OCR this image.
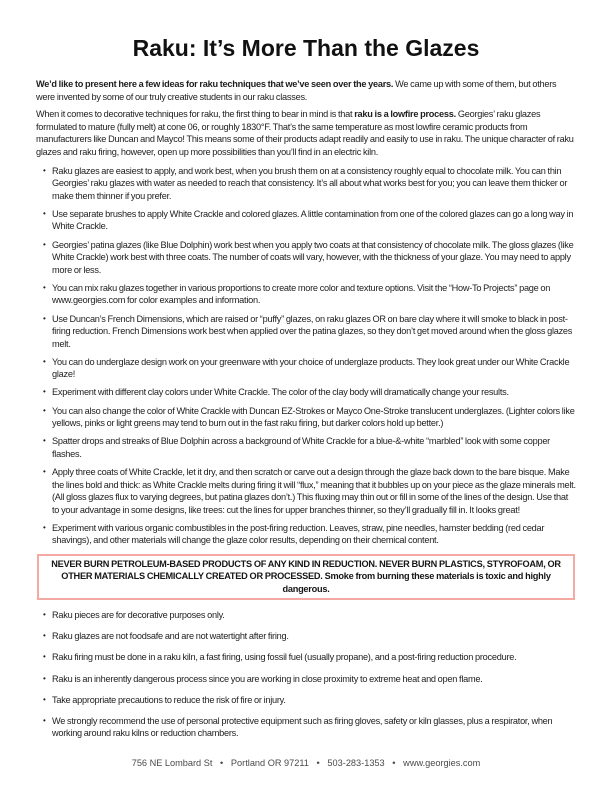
Raku: It’s More Than the Glazes

We’d like to present here a few ideas for raku techniques that we’ve seen over the years. We came up with some of them, but others were invented by some of our truly creative students in our raku classes.

When it comes to decorative techniques for raku, the first thing to bear in mind is that raku is a lowfire process. Georgies’ raku glazes formulated to mature (fully melt) at cone 06, or roughly 1830°F. That’s the same temperature as most lowfire ceramic products from manufacturers like Duncan and Mayco! This means some of their products adapt readily and easily to use in raku. The unique character of raku glazes and raku firing, however, open up more possibilities than you’ll find in an electric kiln.

• Raku glazes are easiest to apply, and work best, when you brush them on at a consistency roughly equal to chocolate milk. You can thin Georgies’ raku glazes with water as needed to reach that consistency. It’s all about what works best for you; you can leave them thicker or make them thinner if you prefer.
• Use separate brushes to apply White Crackle and colored glazes. A little contamination from one of the colored glazes can go a long way in White Crackle.
• Georgies’ patina glazes (like Blue Dolphin) work best when you apply two coats at that consistency of chocolate milk. The gloss glazes (like White Crackle) work best with three coats. The number of coats will vary, however, with the thickness of your glaze. You may need to apply more or less.
• You can mix raku glazes together in various proportions to create more color and texture options. Visit the “How-To Projects” page on www.georgies.com for color examples and information.
• Use Duncan’s French Dimensions, which are raised or “puffy” glazes, on raku glazes OR on bare clay where it will smoke to black in post-firing reduction. French Dimensions work best when applied over the patina glazes, so they don’t get moved around when the gloss glazes melt.
• You can do underglaze design work on your greenware with your choice of underglaze products. They look great under our White Crackle glaze!
• Experiment with different clay colors under White Crackle. The color of the clay body will dramatically change your results.
• You can also change the color of White Crackle with Duncan EZ-Strokes or Mayco One-Stroke translucent underglazes. (Lighter colors like yellows, pinks or light greens may tend to burn out in the fast raku firing, but darker colors hold up better.)
• Spatter drops and streaks of Blue Dolphin across a background of White Crackle for a blue-&-white “marbled” look with some copper flashes.
• Apply three coats of White Crackle, let it dry, and then scratch or carve out a design through the glaze back down to the bare bisque. Make the lines bold and thick: as White Crackle melts during firing it will “flux,” meaning that it bubbles up on your piece as the glaze minerals melt. (All gloss glazes flux to varying degrees, but patina glazes don’t.) This fluxing may thin out or fill in some of the lines of the design. Use that to your advantage in some designs, like trees: cut the lines for upper branches thinner, so they’ll gradually fill in. It looks great!
• Experiment with various organic combustibles in the post-firing reduction. Leaves, straw, pine needles, hamster bedding (red cedar shavings), and other materials will change the glaze color results, depending on their chemical content.
NEVER BURN PETROLEUM-BASED PRODUCTS OF ANY KIND IN REDUCTION. NEVER BURN PLASTICS, STYROFOAM, OR OTHER MATERIALS CHEMICALLY CREATED OR PROCESSED. Smoke from burning these materials is toxic and highly dangerous.
• Raku pieces are for decorative purposes only.
• Raku glazes are not foodsafe and are not watertight after firing.
• Raku firing must be done in a raku kiln, a fast firing, using fossil fuel (usually propane), and a post-firing reduction procedure.
• Raku is an inherently dangerous process since you are working in close proximity to extreme heat and open flame.
• Take appropriate precautions to reduce the risk of fire or injury.
• We strongly recommend the use of personal protective equipment such as firing gloves, safety or kiln glasses, plus a respirator, when working around raku kilns or reduction chambers.
756 NE Lombard St   •   Portland OR 97211   •   503-283-1353   •   www.georgies.com
